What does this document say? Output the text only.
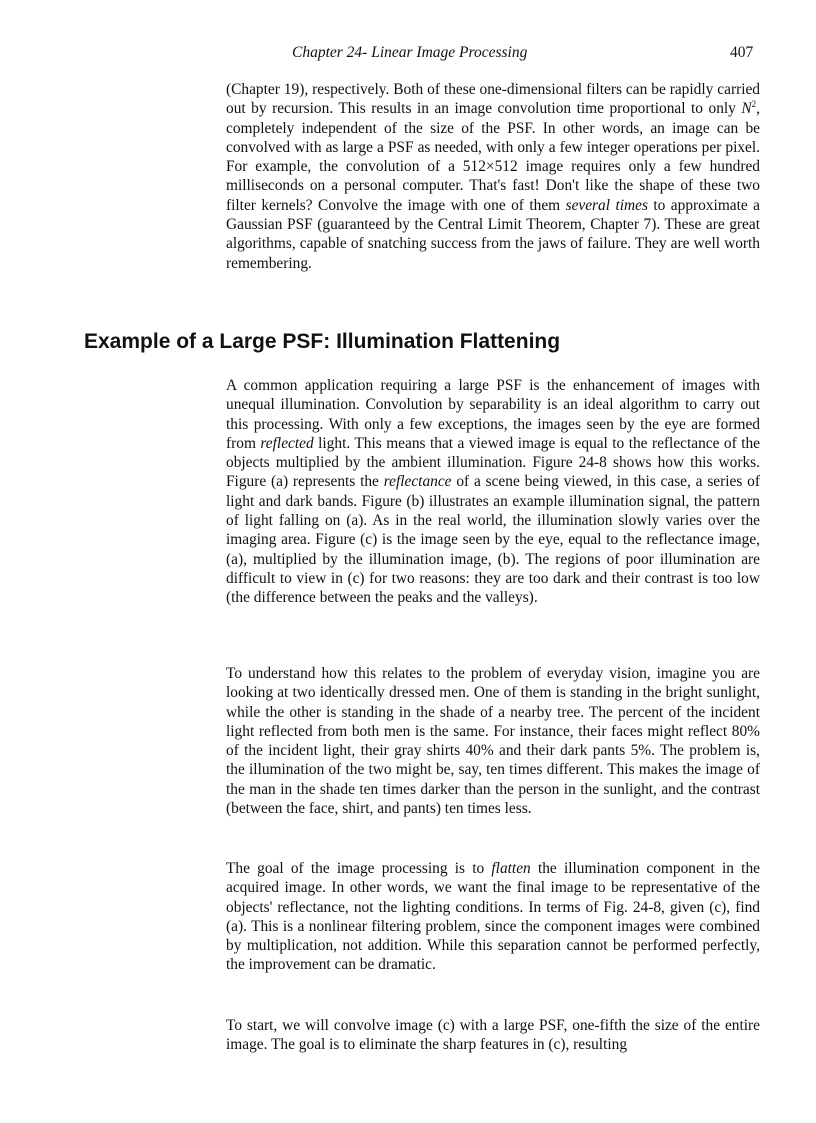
Chapter 24- Linear Image Processing	407

(Chapter 19), respectively. Both of these one-dimensional filters can be rapidly carried out by recursion. This results in an image convolution time proportional to only $N^2$, completely independent of the size of the PSF. In other words, an image can be convolved with as large a PSF as needed, with only a few integer operations per pixel. For example, the convolution of a 512×512 image requires only a few hundred milliseconds on a personal computer. That's fast! Don't like the shape of these two filter kernels? Convolve the image with one of them several times to approximate a Gaussian PSF (guaranteed by the Central Limit Theorem, Chapter 7). These are great algorithms, capable of snatching success from the jaws of failure. They are well worth remembering.

Example of a Large PSF: Illumination Flattening

A common application requiring a large PSF is the enhancement of images with unequal illumination. Convolution by separability is an ideal algorithm to carry out this processing. With only a few exceptions, the images seen by the eye are formed from reflected light. This means that a viewed image is equal to the reflectance of the objects multiplied by the ambient illumination. Figure 24-8 shows how this works. Figure (a) represents the reflectance of a scene being viewed, in this case, a series of light and dark bands. Figure (b) illustrates an example illumination signal, the pattern of light falling on (a). As in the real world, the illumination slowly varies over the imaging area. Figure (c) is the image seen by the eye, equal to the reflectance image, (a), multiplied by the illumination image, (b). The regions of poor illumination are difficult to view in (c) for two reasons: they are too dark and their contrast is too low (the difference between the peaks and the valleys).

To understand how this relates to the problem of everyday vision, imagine you are looking at two identically dressed men. One of them is standing in the bright sunlight, while the other is standing in the shade of a nearby tree. The percent of the incident light reflected from both men is the same. For instance, their faces might reflect 80% of the incident light, their gray shirts 40% and their dark pants 5%. The problem is, the illumination of the two might be, say, ten times different. This makes the image of the man in the shade ten times darker than the person in the sunlight, and the contrast (between the face, shirt, and pants) ten times less.

The goal of the image processing is to flatten the illumination component in the acquired image. In other words, we want the final image to be representative of the objects' reflectance, not the lighting conditions. In terms of Fig. 24-8, given (c), find (a). This is a nonlinear filtering problem, since the component images were combined by multiplication, not addition. While this separation cannot be performed perfectly, the improvement can be dramatic.

To start, we will convolve image (c) with a large PSF, one-fifth the size of the entire image. The goal is to eliminate the sharp features in (c), resulting
